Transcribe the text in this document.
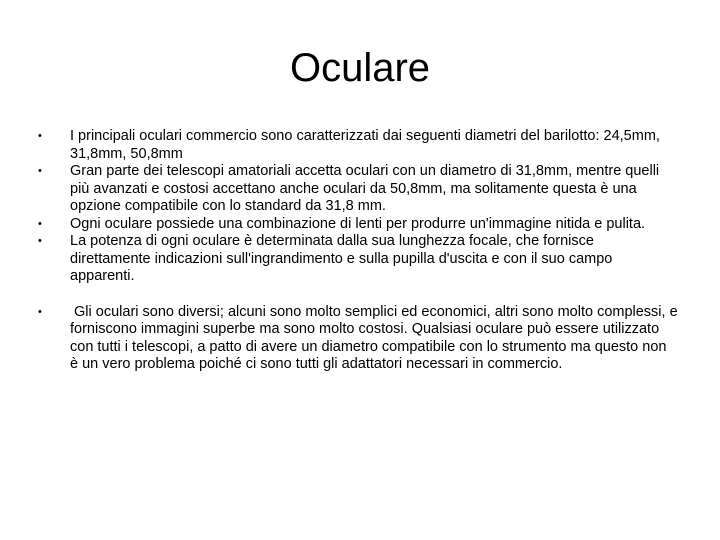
Oculare
•	I principali oculari commercio sono caratterizzati dai seguenti diametri del barilotto: 24,5mm, 31,8mm, 50,8mm
•	Gran parte dei telescopi amatoriali accetta oculari con un diametro di 31,8mm, mentre quelli più avanzati e costosi accettano anche oculari da 50,8mm, ma solitamente questa è una opzione compatibile con lo standard da 31,8 mm.
•	Ogni oculare possiede una combinazione di lenti per produrre un'immagine nitida e pulita.
•	La potenza di ogni oculare è determinata dalla sua lunghezza focale, che fornisce direttamente indicazioni sull'ingrandimento e sulla pupilla d'uscita e con il suo campo apparenti.
•	Gli oculari sono diversi; alcuni sono molto semplici ed economici, altri sono molto complessi, e forniscono immagini superbe ma sono molto costosi. Qualsiasi oculare può essere utilizzato con tutti i telescopi, a patto di avere un diametro compatibile con lo strumento ma questo non è un vero problema poiché ci sono tutti gli adattatori necessari in commercio.
